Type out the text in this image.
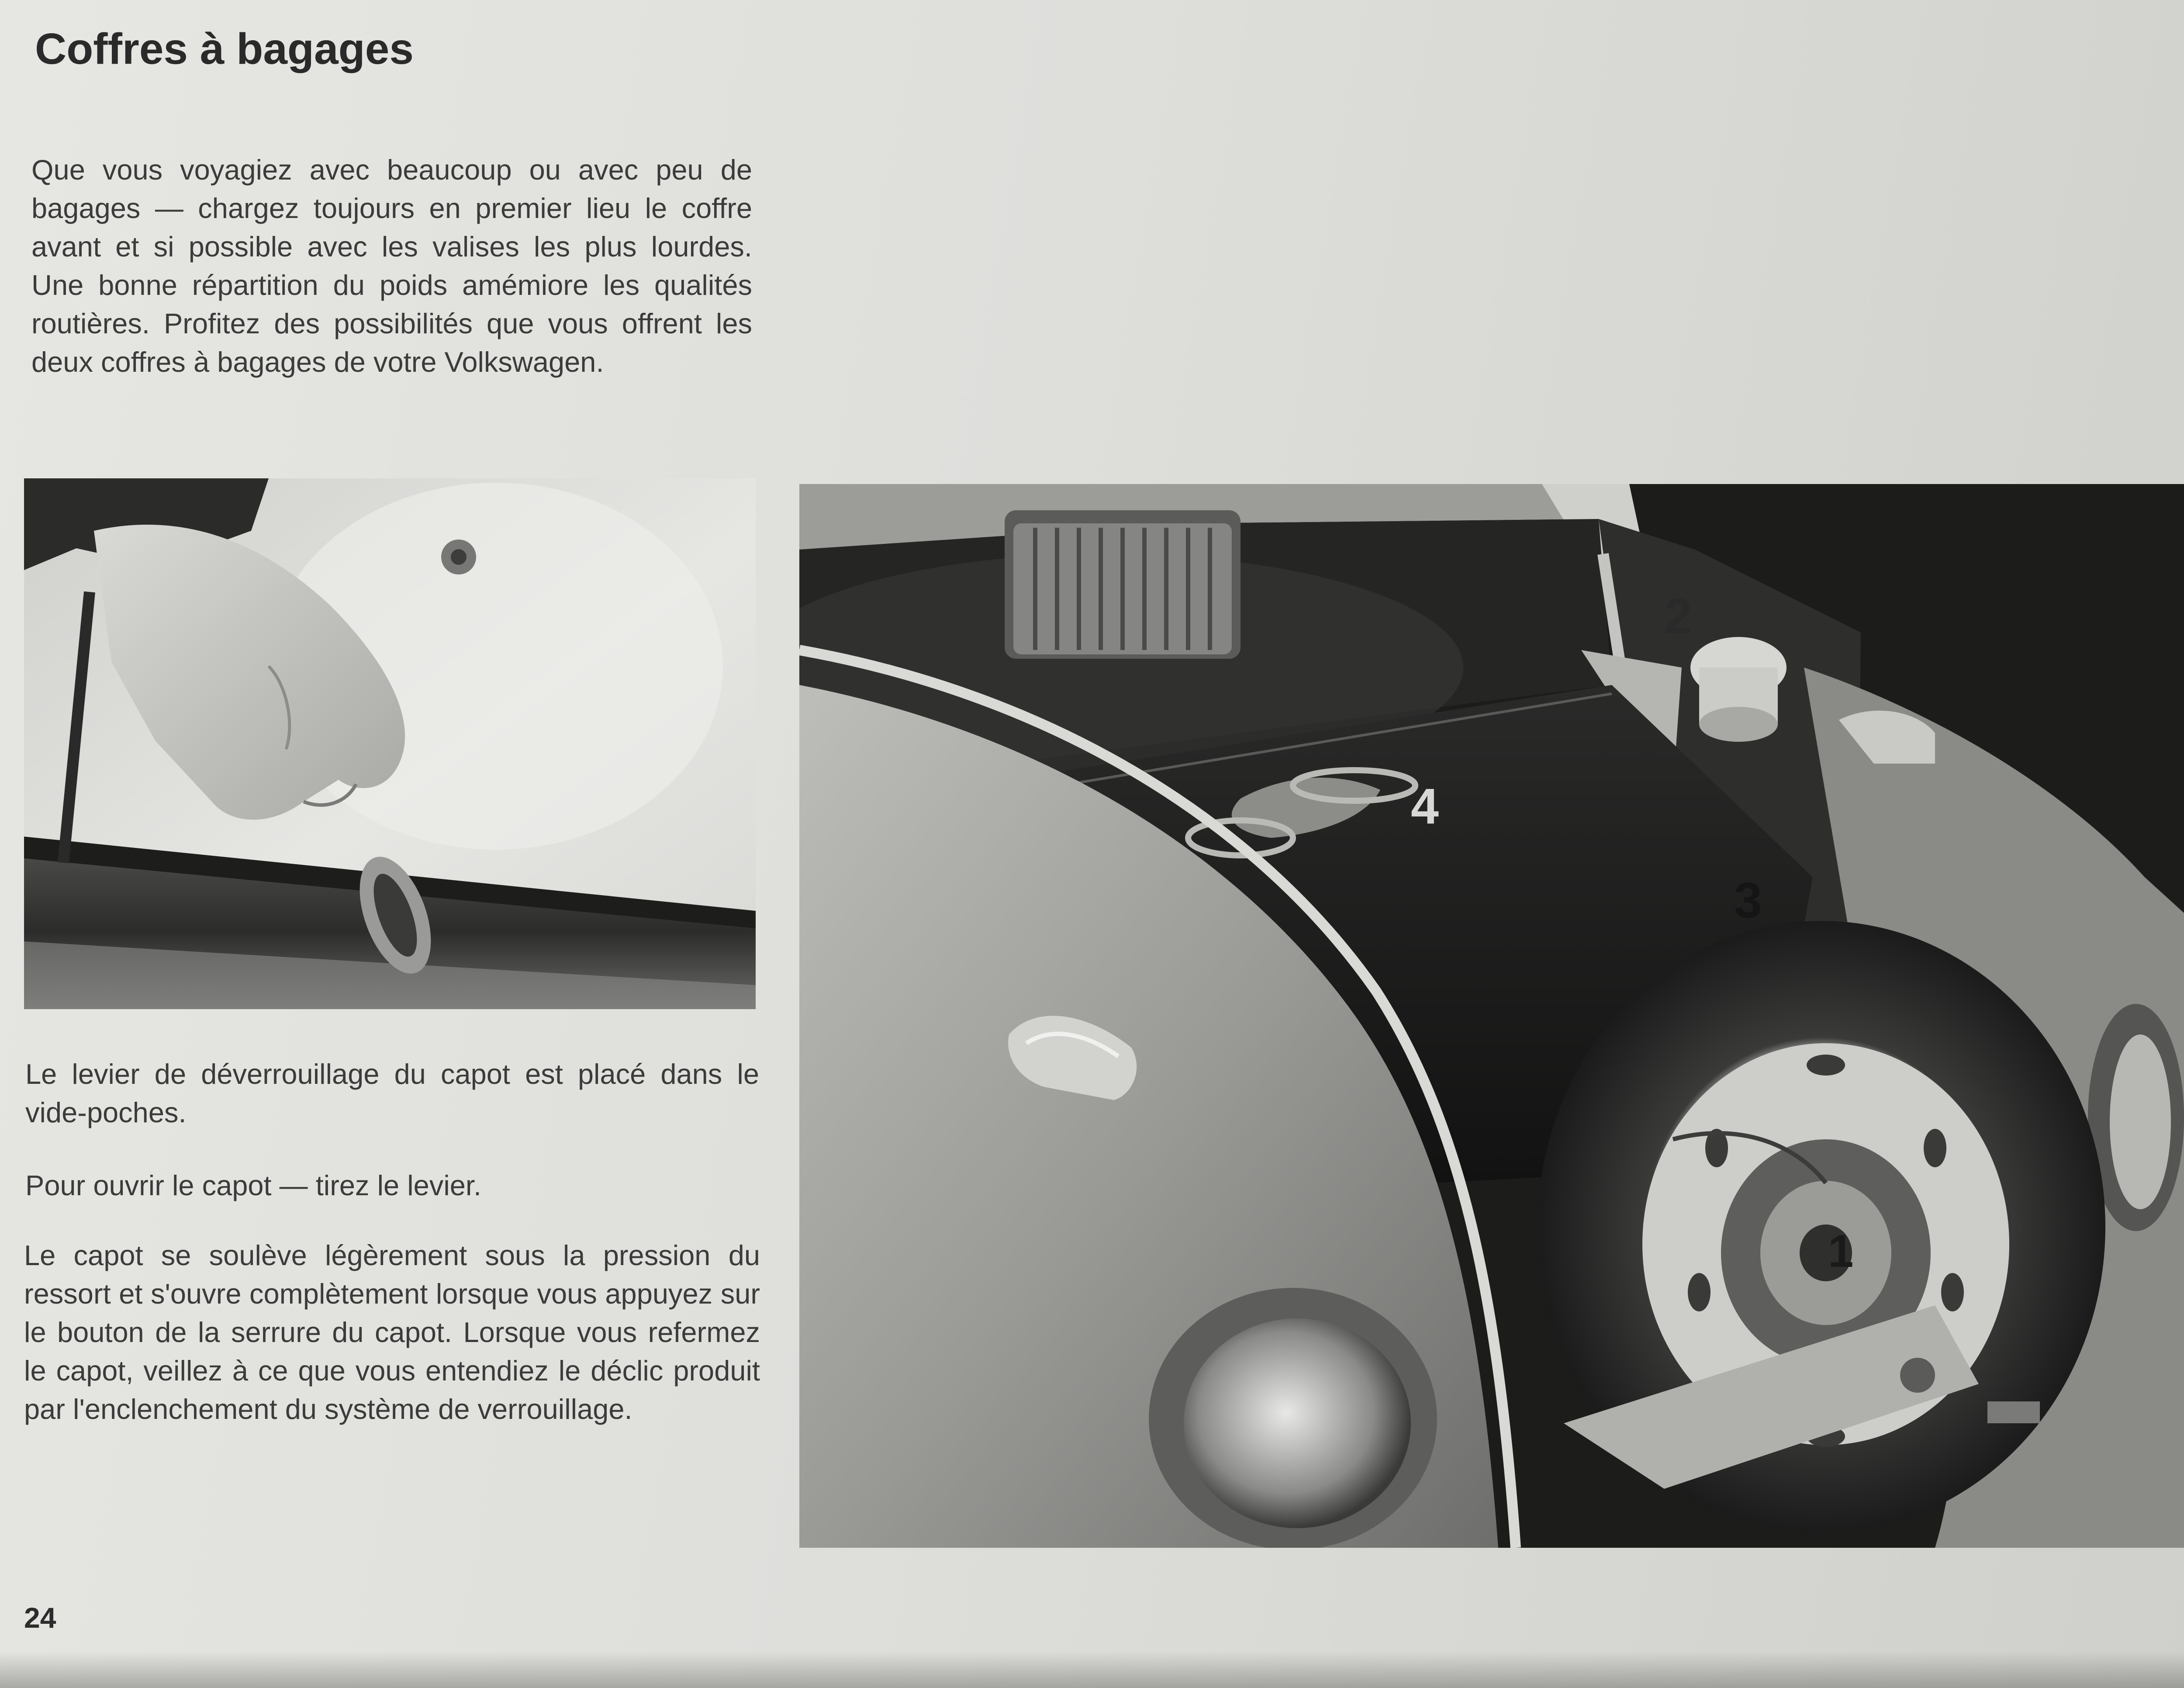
Coffres à bagages
Que vous voyagiez avec beaucoup ou avec peu de bagages — chargez toujours en premier lieu le coffre avant et si possible avec les valises les plus lourdes. Une bonne répartition du poids amémiore les qualités routières. Profitez des possibilités que vous offrent les deux coffres à bagages de votre Volkswagen.
Le levier de déverrouillage du capot est placé dans le vide-poches.
Pour ouvrir le capot — tirez le levier.
Le capot se soulève légèrement sous la pression du ressort et s'ouvre complètement lorsque vous appuyez sur le bouton de la serrure du capot. Lorsque vous refermez le capot, veillez à ce que vous entendiez le déclic produit par l'enclenchement du système de verrouillage.
2
4
3
1
24
